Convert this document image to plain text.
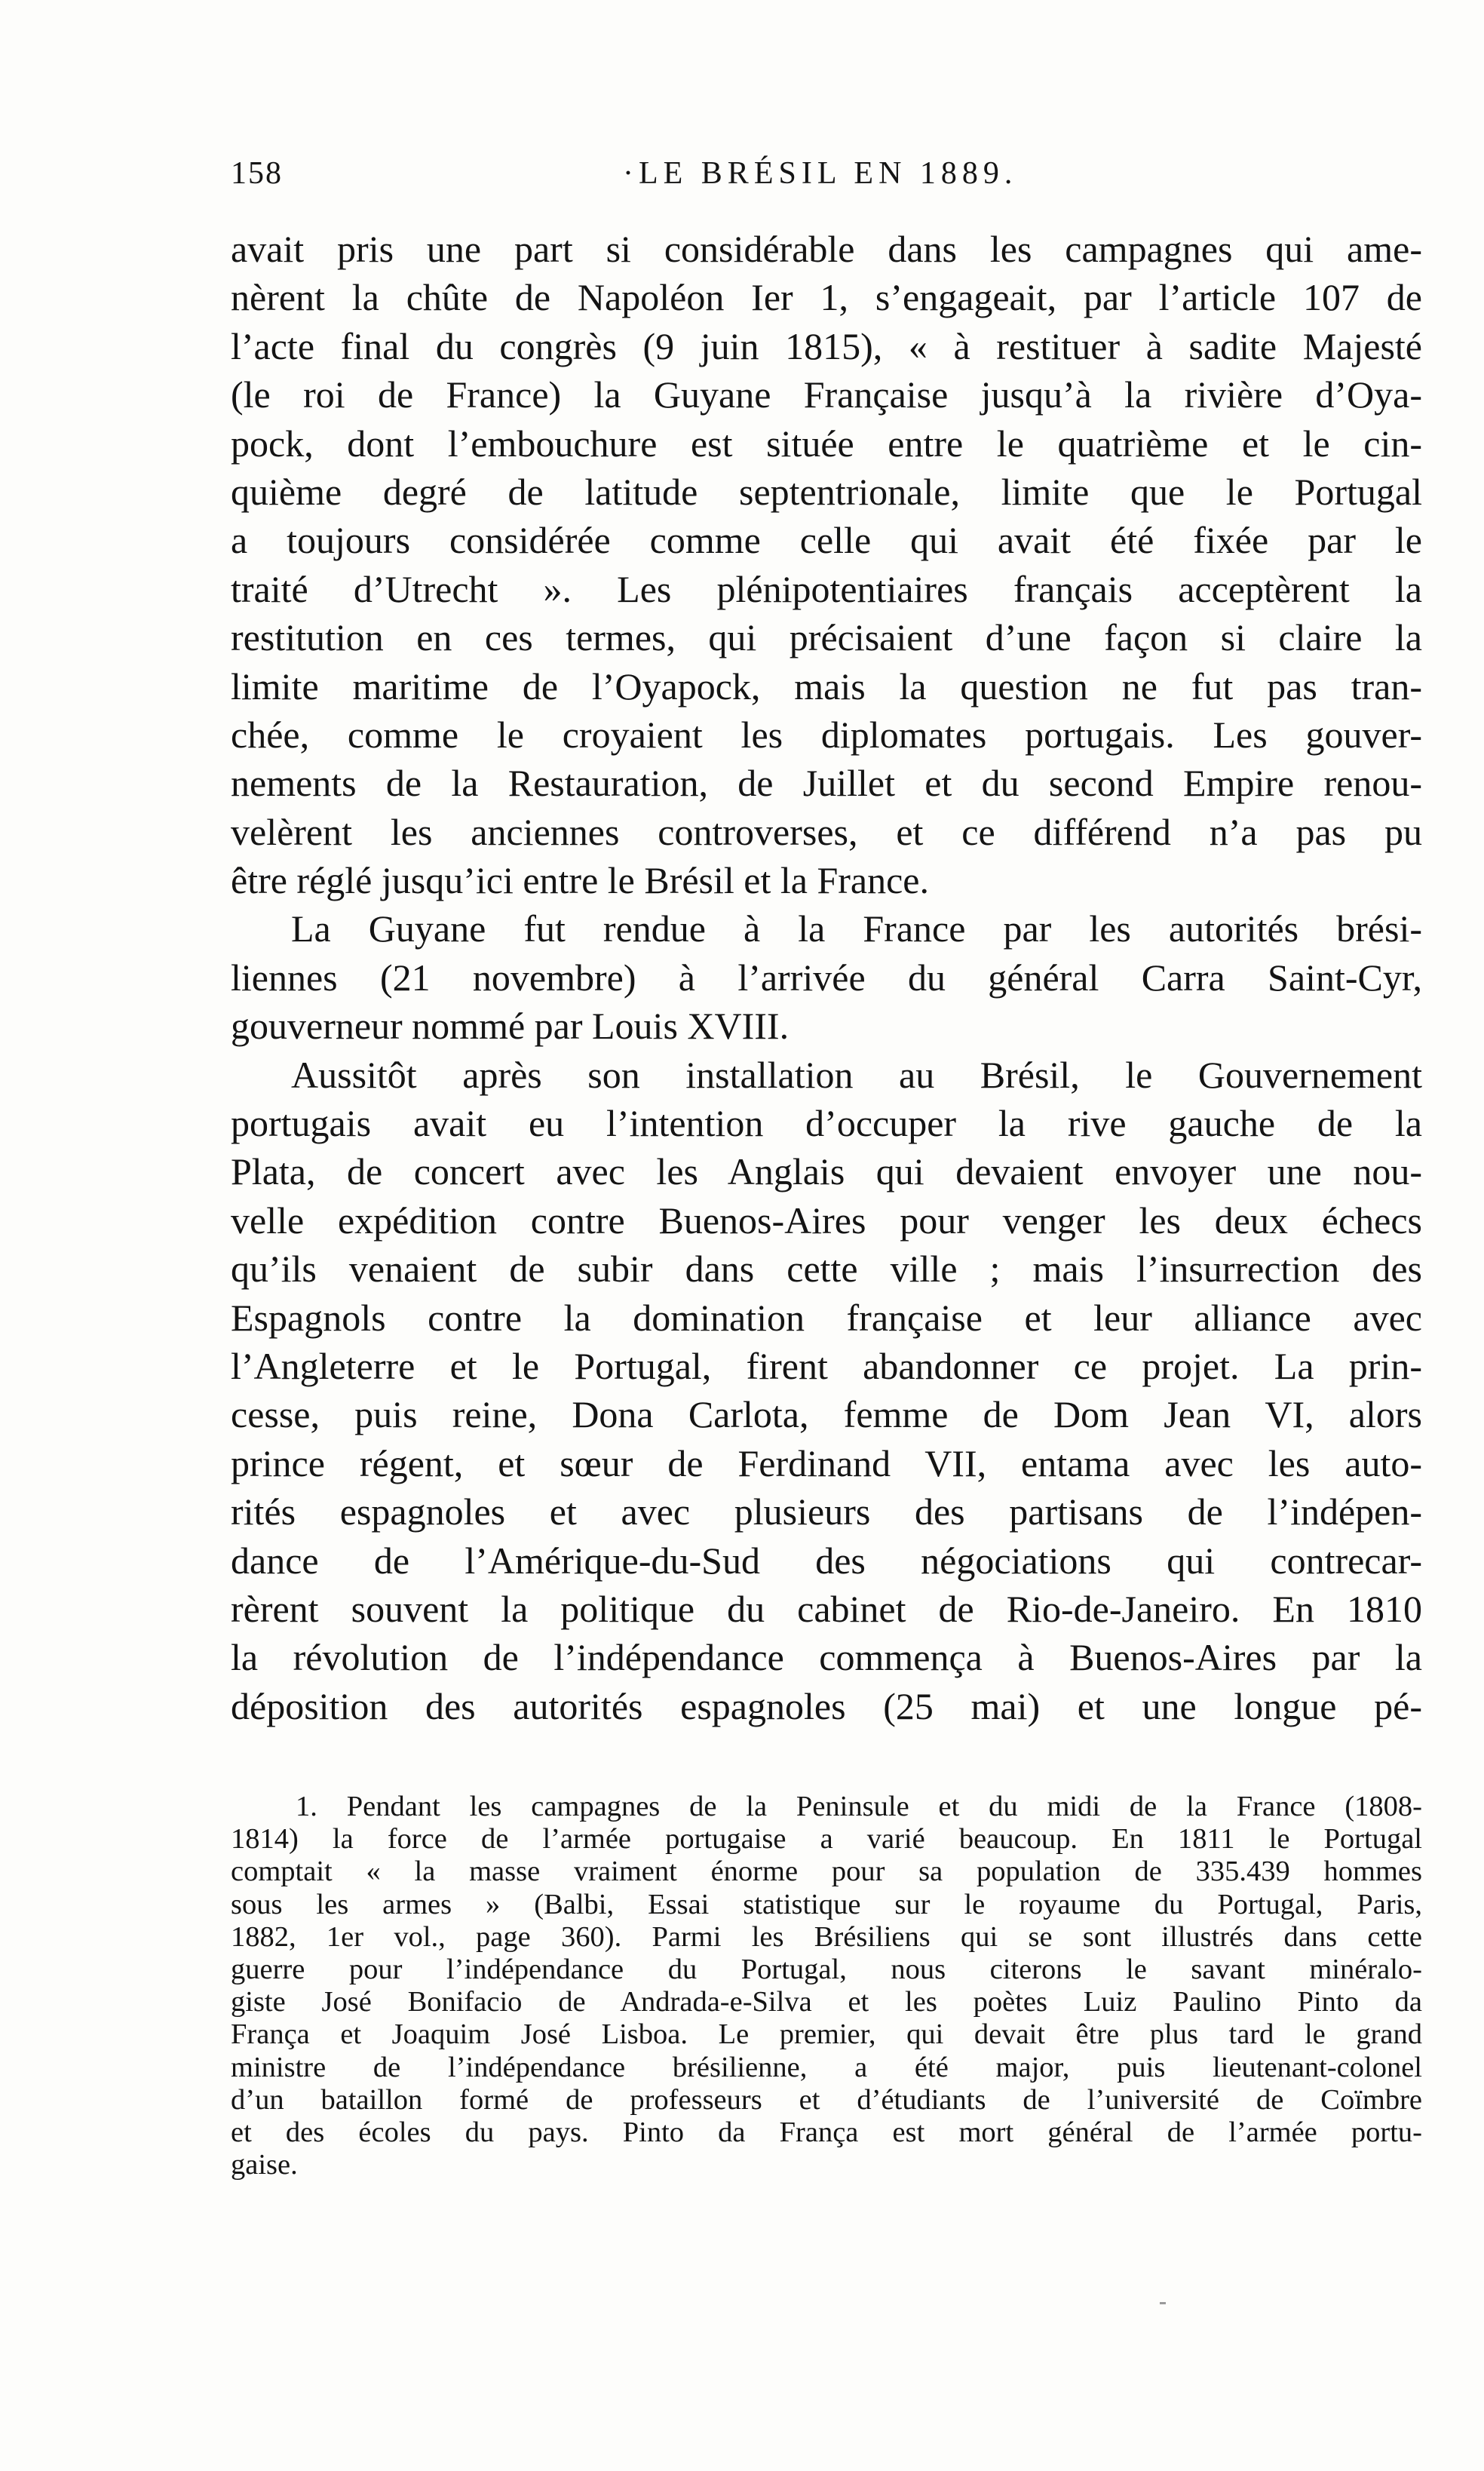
158	·LE BRÉSIL EN 1889.
avait pris une part si considérable dans les campagnes qui ame-
nèrent la chûte de Napoléon Ier 1, s’engageait, par l’article 107 de
l’acte final du congrès (9 juin 1815), « à restituer à sadite Majesté
(le roi de France) la Guyane Française jusqu’à la rivière d’Oya-
pock, dont l’embouchure est située entre le quatrième et le cin-
quième degré de latitude septentrionale, limite que le Portugal
a toujours considérée comme celle qui avait été fixée par le
traité d’Utrecht ». Les plénipotentiaires français acceptèrent la
restitution en ces termes, qui précisaient d’une façon si claire la
limite maritime de l’Oyapock, mais la question ne fut pas tran-
chée, comme le croyaient les diplomates portugais. Les gouver-
nements de la Restauration, de Juillet et du second Empire renou-
velèrent les anciennes controverses, et ce différend n’a pas pu
être réglé jusqu’ici entre le Brésil et la France.
La Guyane fut rendue à la France par les autorités brési-
liennes (21 novembre) à l’arrivée du général Carra Saint-Cyr,
gouverneur nommé par Louis XVIII.
Aussitôt après son installation au Brésil, le Gouvernement
portugais avait eu l’intention d’occuper la rive gauche de la
Plata, de concert avec les Anglais qui devaient envoyer une nou-
velle expédition contre Buenos-Aires pour venger les deux échecs
qu’ils venaient de subir dans cette ville ; mais l’insurrection des
Espagnols contre la domination française et leur alliance avec
l’Angleterre et le Portugal, firent abandonner ce projet. La prin-
cesse, puis reine, Dona Carlota, femme de Dom Jean VI, alors
prince régent, et sœur de Ferdinand VII, entama avec les auto-
rités espagnoles et avec plusieurs des partisans de l’indépen-
dance de l’Amérique-du-Sud des négociations qui contrecar-
rèrent souvent la politique du cabinet de Rio-de-Janeiro. En 1810
la révolution de l’indépendance commença à Buenos-Aires par la
déposition des autorités espagnoles (25 mai) et une longue pé-
1. Pendant les campagnes de la Peninsule et du midi de la France (1808-
1814) la force de l’armée portugaise a varié beaucoup. En 1811 le Portugal
comptait « la masse vraiment énorme pour sa population de 335.439 hommes
sous les armes » (Balbi, Essai statistique sur le royaume du Portugal, Paris,
1882, 1er vol., page 360). Parmi les Brésiliens qui se sont illustrés dans cette
guerre pour l’indépendance du Portugal, nous citerons le savant minéralo-
giste José Bonifacio de Andrada-e-Silva et les poètes Luiz Paulino Pinto da
França et Joaquim José Lisboa. Le premier, qui devait être plus tard le grand
ministre de l’indépendance brésilienne, a été major, puis lieutenant-colonel
d’un bataillon formé de professeurs et d’étudiants de l’université de Coïmbre
et des écoles du pays. Pinto da França est mort général de l’armée portu-
gaise.
